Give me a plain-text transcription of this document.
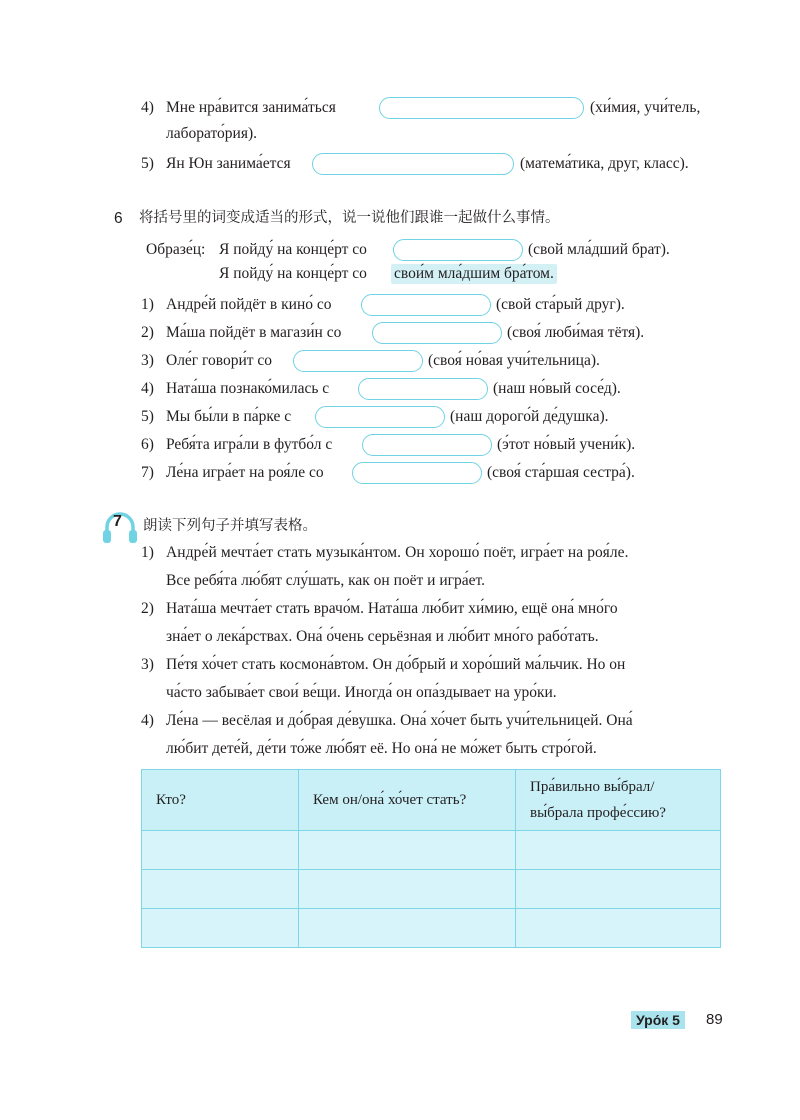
4) Мне нра́вится занима́ться	(хи́мия, учи́тель,
лаборато́рия).
5) Ян Юн занима́ется	(матема́тика, друг, класс).
6 将括号里的词变成适当的形式，说一说他们跟谁一起做什么事情。
Образе́ц: Я пойду́ на конце́рт со	(свой мла́дший брат).
Я пойду́ на конце́рт со свои́м мла́дшим бра́том.
1) Андре́й пойдёт в кино́ со	(свой ста́рый друг).
2) Ма́ша пойдёт в магази́н со	(своя́ люби́мая тётя).
3) Оле́г говори́т со	(своя́ но́вая учи́тельница).
4) Ната́ша познако́милась с	(наш но́вый сосе́д).
5) Мы бы́ли в па́рке с	(наш дорого́й де́душка).
6) Ребя́та игра́ли в футбо́л с	(э́тот но́вый учени́к).
7) Ле́на игра́ет на роя́ле со	(своя́ ста́ршая сестра́).
7 朗读下列句子并填写表格。
1) Андре́й мечта́ет стать музыка́нтом. Он хорошо́ поёт, игра́ет на роя́ле.
Все ребя́та лю́бят слу́шать, как он поёт и игра́ет.
2) Ната́ша мечта́ет стать врачо́м. Ната́ша лю́бит хи́мию, ещё она́ мно́го
зна́ет о лека́рствах. Она́ о́чень серьёзная и лю́бит мно́го рабо́тать.
3) Пе́тя хо́чет стать космона́втом. Он до́брый и хоро́ший ма́льчик. Но он
ча́сто забыва́ет свои́ ве́щи. Иногда́ он опа́здывает на уро́ки.
4) Ле́на — весёлая и до́брая де́вушка. Она́ хо́чет быть учи́тельницей. Она́
лю́бит дете́й, де́ти то́же лю́бят её. Но она́ не мо́жет быть стро́гой.
Кто?	Кем он/она́ хо́чет стать?	Пра́вильно вы́брал/
вы́брала профе́ссию?

Уро́к 5	89
